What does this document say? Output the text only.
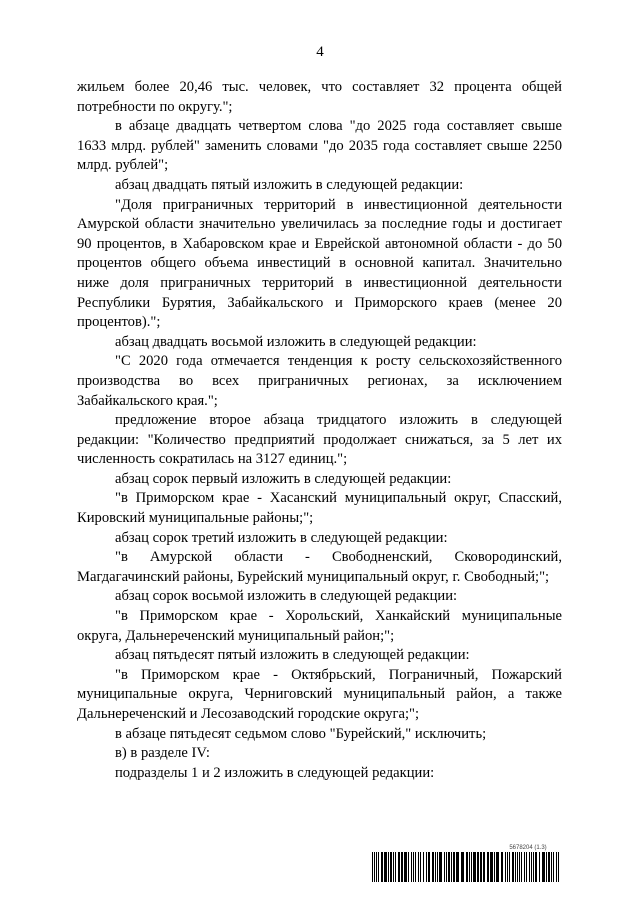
4

жильем более 20,46 тыс. человек, что составляет 32 процента общей потребности по округу.";

в абзаце двадцать четвертом слова "до 2025 года составляет свыше 1633 млрд. рублей" заменить словами "до 2035 года составляет свыше 2250 млрд. рублей";

абзац двадцать пятый изложить в следующей редакции:

"Доля приграничных территорий в инвестиционной деятельности Амурской области значительно увеличилась за последние годы и достигает 90 процентов, в Хабаровском крае и Еврейской автономной области - до 50 процентов общего объема инвестиций в основной капитал. Значительно ниже доля приграничных территорий в инвестиционной деятельности Республики Бурятия, Забайкальского и Приморского краев (менее 20 процентов).";

абзац двадцать восьмой изложить в следующей редакции:

"С 2020 года отмечается тенденция к росту сельскохозяйственного производства во всех приграничных регионах, за исключением Забайкальского края.";

предложение второе абзаца тридцатого изложить в следующей редакции: "Количество предприятий продолжает снижаться, за 5 лет их численность сократилась на 3127 единиц.";

абзац сорок первый изложить в следующей редакции:

"в Приморском крае - Хасанский муниципальный округ, Спасский, Кировский муниципальные районы;";

абзац сорок третий изложить в следующей редакции:

"в Амурской области - Свободненский, Сковородинский, Магдагачинский районы, Бурейский муниципальный округ, г. Свободный;";

абзац сорок восьмой изложить в следующей редакции:

"в Приморском крае - Хорольский, Ханкайский муниципальные округа, Дальнереченский муниципальный район;";

абзац пятьдесят пятый изложить в следующей редакции:

"в Приморском крае - Октябрьский, Пограничный, Пожарский муниципальные округа, Черниговский муниципальный район, а также Дальнереченский и Лесозаводский городские округа;";

в абзаце пятьдесят седьмом слово "Бурейский," исключить;

в) в разделе IV:

подразделы 1 и 2 изложить в следующей редакции:

5678204 (1.3)
